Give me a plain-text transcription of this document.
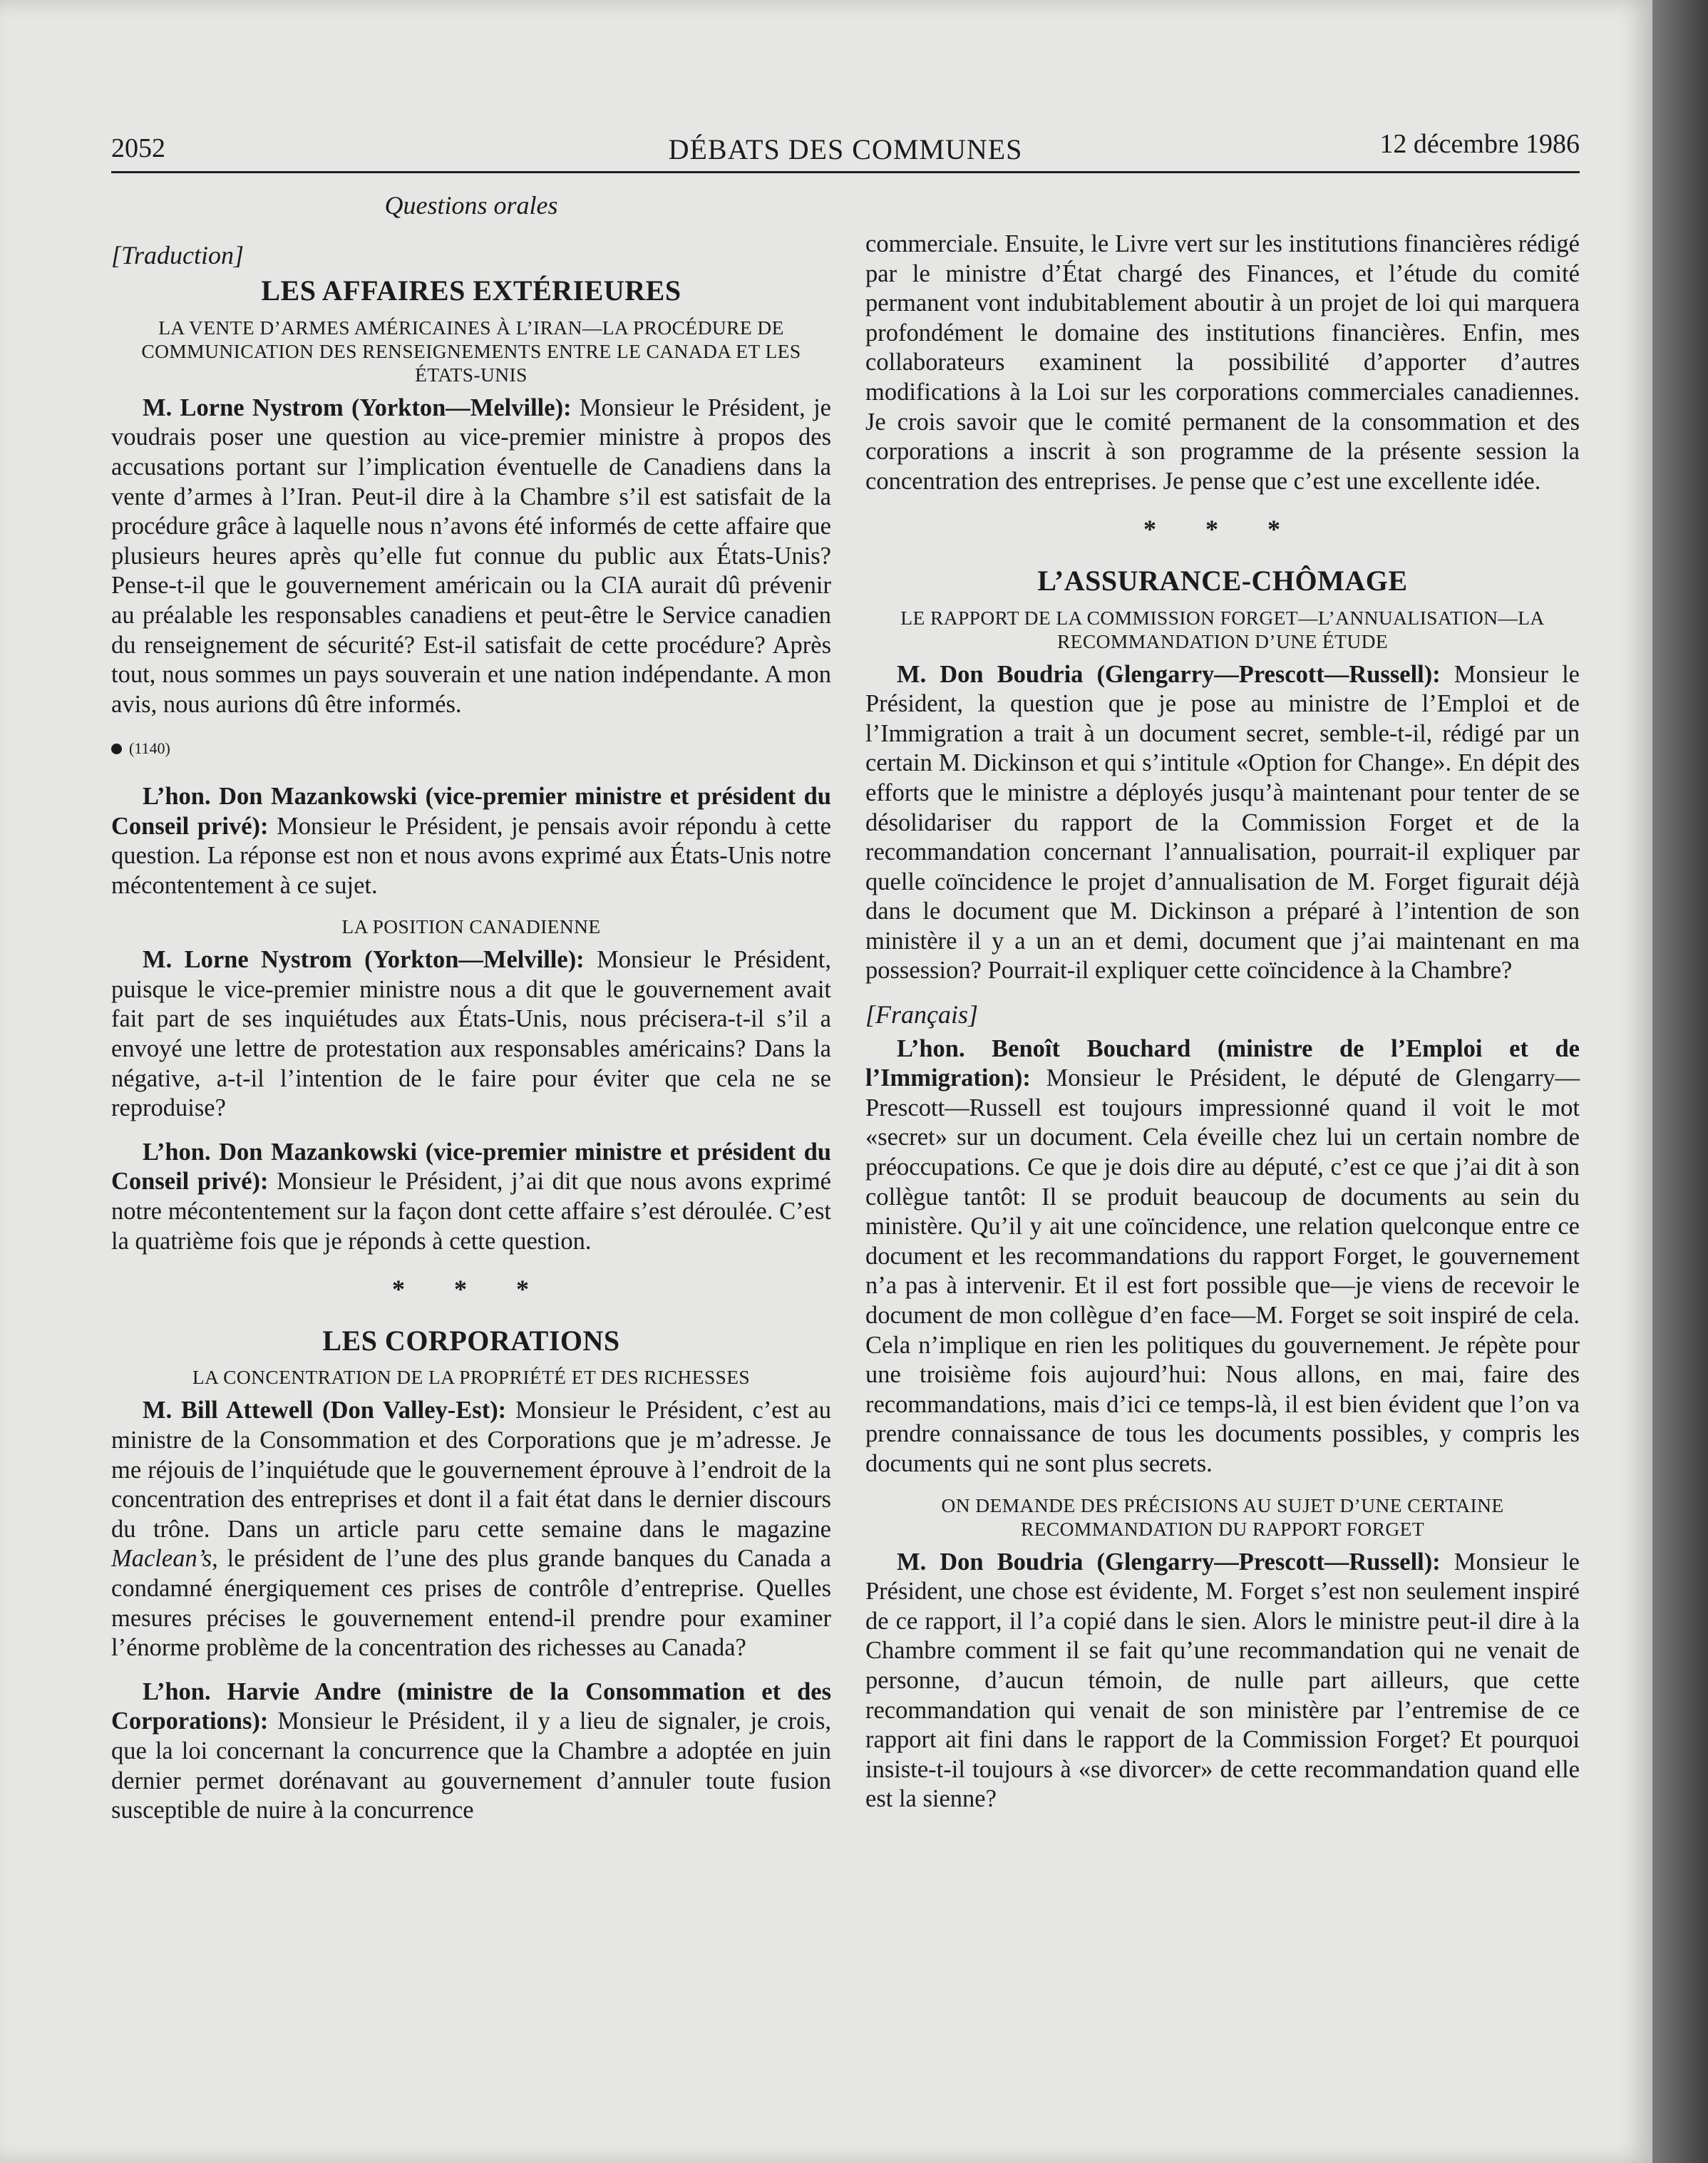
2052	DÉBATS DES COMMUNES	12 décembre 1986
Questions orales
[Traduction]
LES AFFAIRES EXTÉRIEURES
LA VENTE D’ARMES AMÉRICAINES À L’IRAN—LA PROCÉDURE DE COMMUNICATION DES RENSEIGNEMENTS ENTRE LE CANADA ET LES ÉTATS-UNIS

M. Lorne Nystrom (Yorkton—Melville): Monsieur le Président, je voudrais poser une question au vice-premier ministre à propos des accusations portant sur l’implication éventuelle de Canadiens dans la vente d’armes à l’Iran. Peut-il dire à la Chambre s’il est satisfait de la procédure grâce à laquelle nous n’avons été informés de cette affaire que plusieurs heures après qu’elle fut connue du public aux États-Unis? Pense-t-il que le gouvernement américain ou la CIA aurait dû prévenir au préalable les responsables canadiens et peut-être le Service canadien du renseignement de sécurité? Est-il satisfait de cette procédure? Après tout, nous sommes un pays souverain et une nation indépendante. A mon avis, nous aurions dû être informés.

(1140)

L’hon. Don Mazankowski (vice-premier ministre et président du Conseil privé): Monsieur le Président, je pensais avoir répondu à cette question. La réponse est non et nous avons exprimé aux États-Unis notre mécontentement à ce sujet.

LA POSITION CANADIENNE

M. Lorne Nystrom (Yorkton—Melville): Monsieur le Président, puisque le vice-premier ministre nous a dit que le gouvernement avait fait part de ses inquiétudes aux États-Unis, nous précisera-t-il s’il a envoyé une lettre de protestation aux responsables américains? Dans la négative, a-t-il l’intention de le faire pour éviter que cela ne se reproduise?

L’hon. Don Mazankowski (vice-premier ministre et président du Conseil privé): Monsieur le Président, j’ai dit que nous avons exprimé notre mécontentement sur la façon dont cette affaire s’est déroulée. C’est la quatrième fois que je réponds à cette question.

* * *
LES CORPORATIONS
LA CONCENTRATION DE LA PROPRIÉTÉ ET DES RICHESSES

M. Bill Attewell (Don Valley-Est): Monsieur le Président, c’est au ministre de la Consommation et des Corporations que je m’adresse. Je me réjouis de l’inquiétude que le gouvernement éprouve à l’endroit de la concentration des entreprises et dont il a fait état dans le dernier discours du trône. Dans un article paru cette semaine dans le magazine Maclean’s, le président de l’une des plus grande banques du Canada a condamné énergiquement ces prises de contrôle d’entreprise. Quelles mesures précises le gouvernement entend-il prendre pour examiner l’énorme problème de la concentration des richesses au Canada?

L’hon. Harvie Andre (ministre de la Consommation et des Corporations): Monsieur le Président, il y a lieu de signaler, je crois, que la loi concernant la concurrence que la Chambre a adoptée en juin dernier permet dorénavant au gouvernement d’annuler toute fusion susceptible de nuire à la concurrence

commerciale. Ensuite, le Livre vert sur les institutions financières rédigé par le ministre d’État chargé des Finances, et l’étude du comité permanent vont indubitablement aboutir à un projet de loi qui marquera profondément le domaine des institutions financières. Enfin, mes collaborateurs examinent la possibilité d’apporter d’autres modifications à la Loi sur les corporations commerciales canadiennes. Je crois savoir que le comité permanent de la consommation et des corporations a inscrit à son programme de la présente session la concentration des entreprises. Je pense que c’est une excellente idée.

* * *
L’ASSURANCE-CHÔMAGE
LE RAPPORT DE LA COMMISSION FORGET—L’ANNUALISATION—LA RECOMMANDATION D’UNE ÉTUDE

M. Don Boudria (Glengarry—Prescott—Russell): Monsieur le Président, la question que je pose au ministre de l’Emploi et de l’Immigration a trait à un document secret, semble-t-il, rédigé par un certain M. Dickinson et qui s’intitule «Option for Change». En dépit des efforts que le ministre a déployés jusqu’à maintenant pour tenter de se désolidariser du rapport de la Commission Forget et de la recommandation concernant l’annualisation, pourrait-il expliquer par quelle coïncidence le projet d’annualisation de M. Forget figurait déjà dans le document que M. Dickinson a préparé à l’intention de son ministère il y a un an et demi, document que j’ai maintenant en ma possession? Pourrait-il expliquer cette coïncidence à la Chambre?

[Français]

L’hon. Benoît Bouchard (ministre de l’Emploi et de l’Immigration): Monsieur le Président, le député de Glengarry—Prescott—Russell est toujours impressionné quand il voit le mot «secret» sur un document. Cela éveille chez lui un certain nombre de préoccupations. Ce que je dois dire au député, c’est ce que j’ai dit à son collègue tantôt: Il se produit beaucoup de documents au sein du ministère. Qu’il y ait une coïncidence, une relation quelconque entre ce document et les recommandations du rapport Forget, le gouvernement n’a pas à intervenir. Et il est fort possible que—je viens de recevoir le document de mon collègue d’en face—M. Forget se soit inspiré de cela. Cela n’implique en rien les politiques du gouvernement. Je répète pour une troisième fois aujourd’hui: Nous allons, en mai, faire des recommandations, mais d’ici ce temps-là, il est bien évident que l’on va prendre connaissance de tous les documents possibles, y compris les documents qui ne sont plus secrets.

ON DEMANDE DES PRÉCISIONS AU SUJET D’UNE CERTAINE RECOMMANDATION DU RAPPORT FORGET

M. Don Boudria (Glengarry—Prescott—Russell): Monsieur le Président, une chose est évidente, M. Forget s’est non seulement inspiré de ce rapport, il l’a copié dans le sien. Alors le ministre peut-il dire à la Chambre comment il se fait qu’une recommandation qui ne venait de personne, d’aucun témoin, de nulle part ailleurs, que cette recommandation qui venait de son ministère par l’entremise de ce rapport ait fini dans le rapport de la Commission Forget? Et pourquoi insiste-t-il toujours à «se divorcer» de cette recommandation quand elle est la sienne?
